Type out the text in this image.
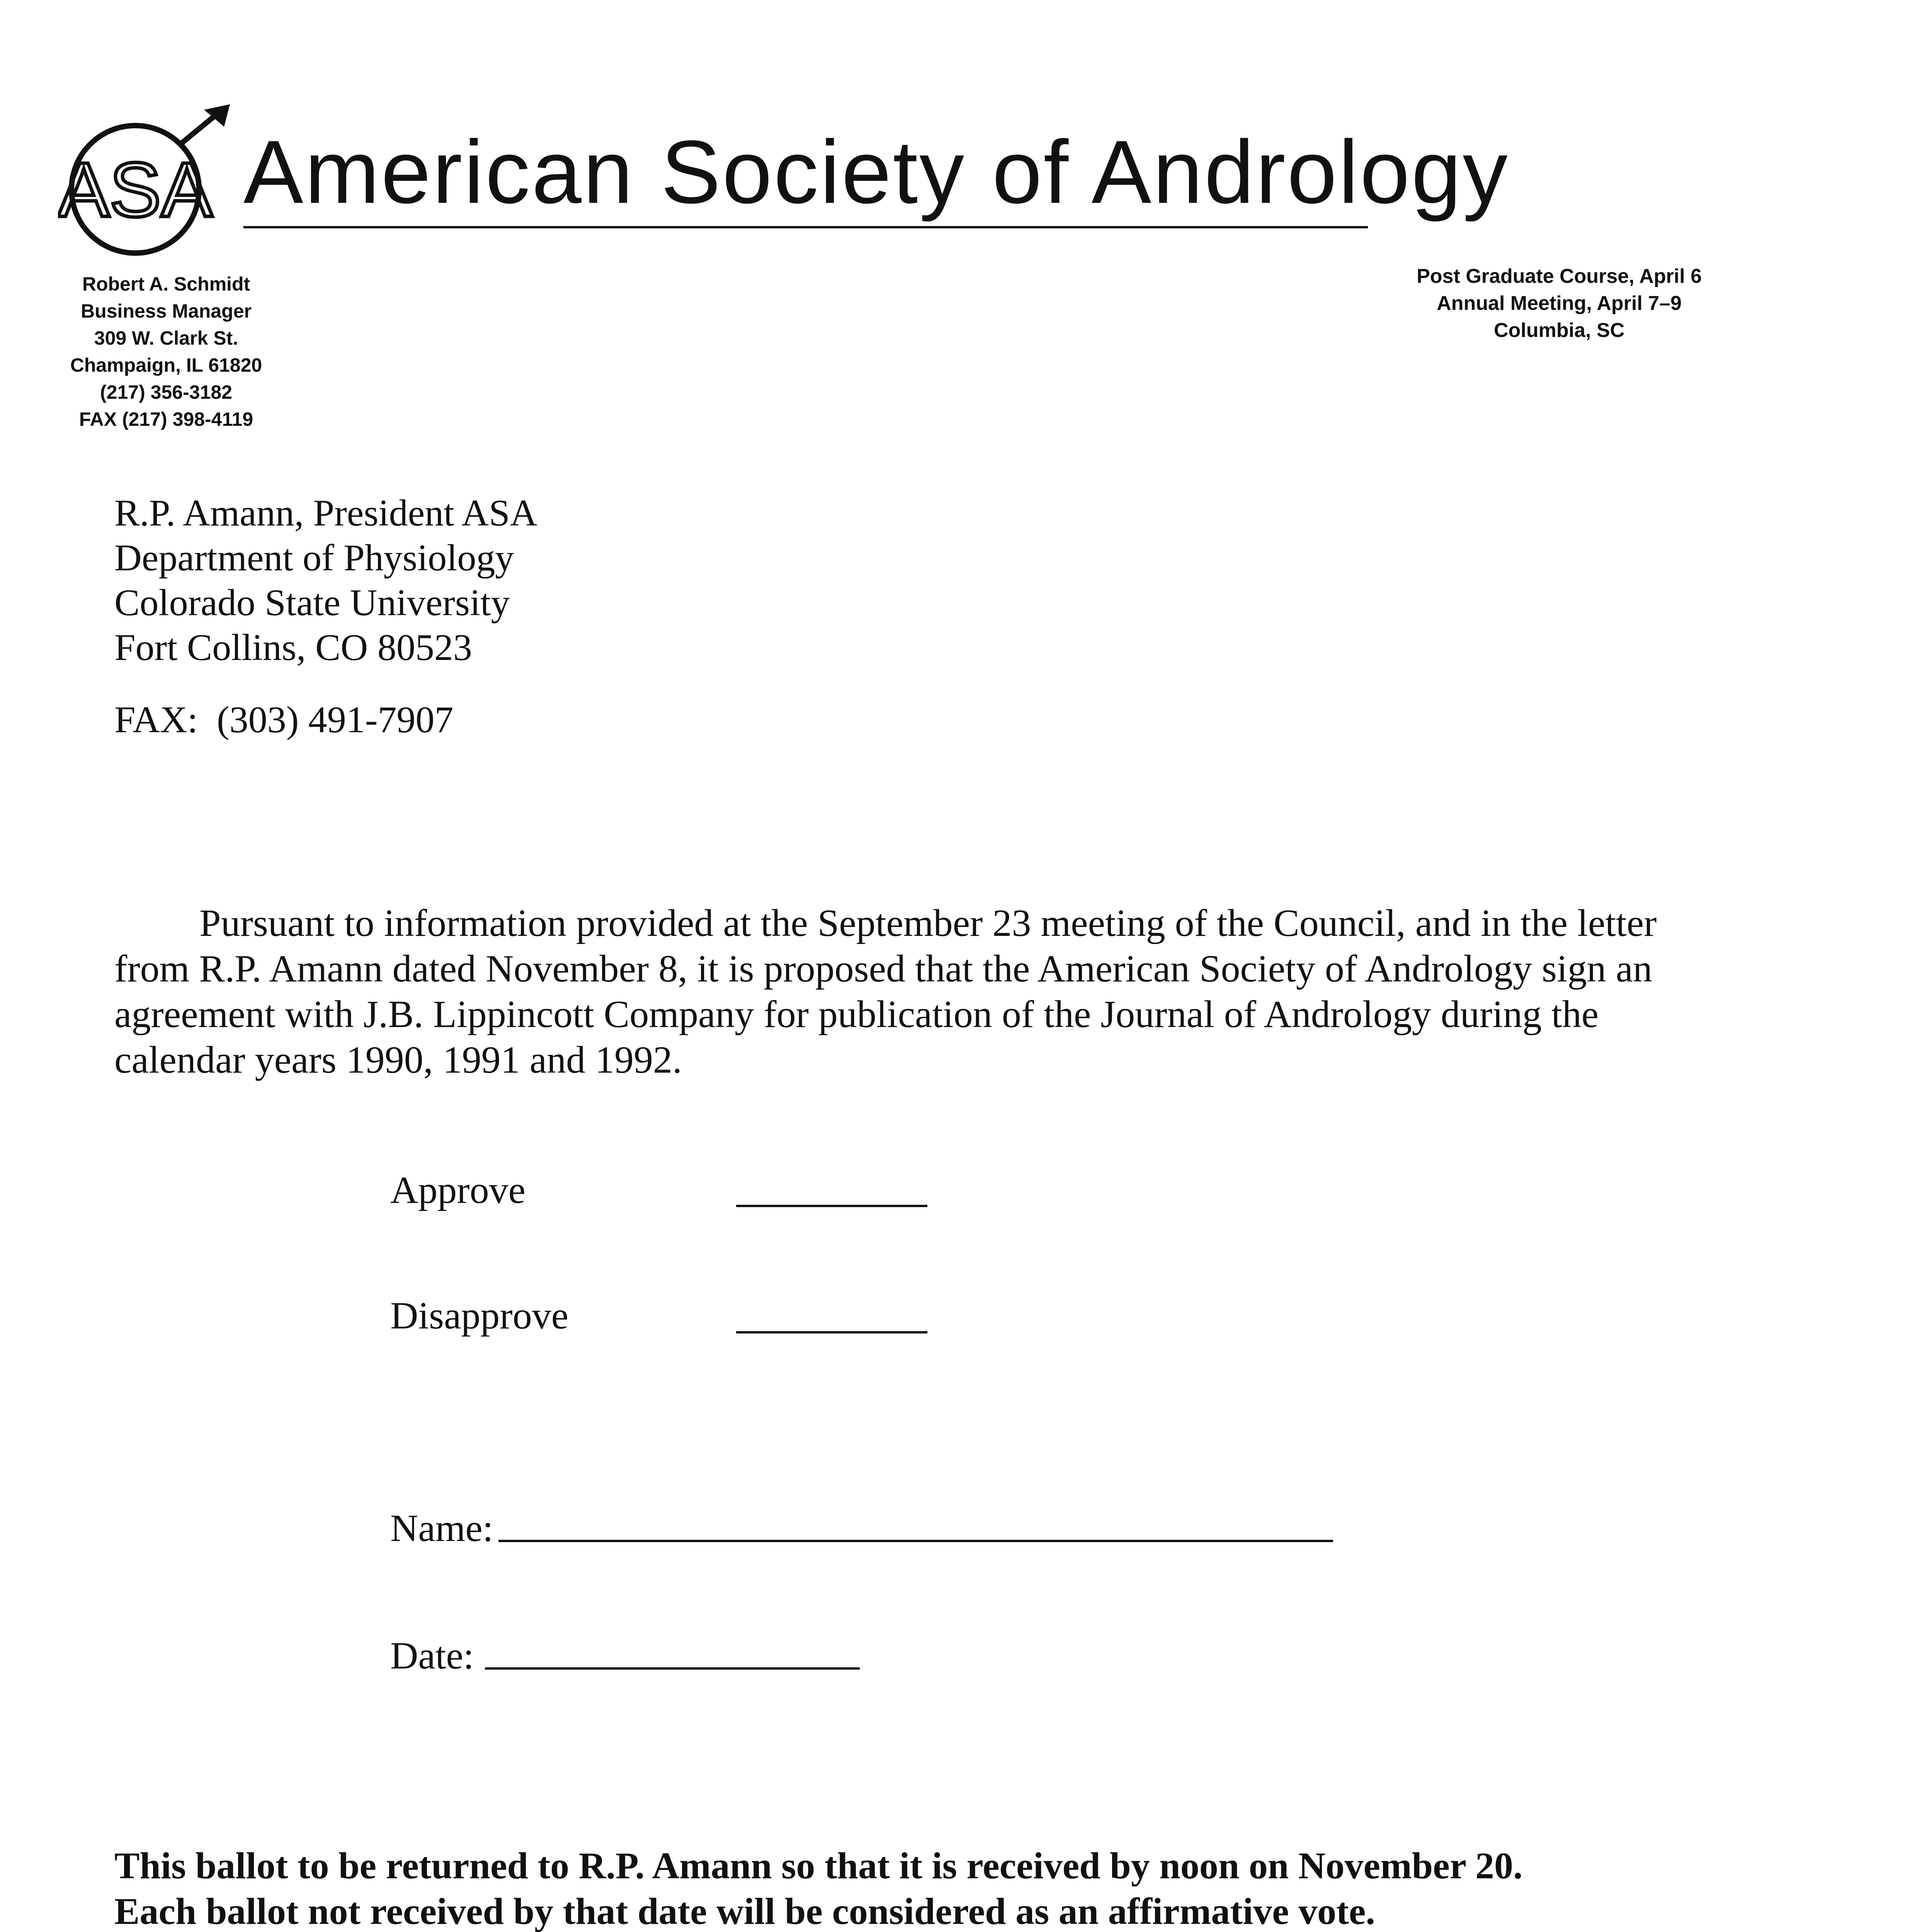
ASA American Society of Andrology
Robert A. Schmidt
Business Manager
309 W. Clark St.
Champaign, IL 61820
(217) 356-3182
FAX (217) 398-4119
Post Graduate Course, April 6
Annual Meeting, April 7–9
Columbia, SC
R.P. Amann, President ASA
Department of Physiology
Colorado State University
Fort Collins, CO 80523
FAX: (303) 491-7907

Pursuant to information provided at the September 23 meeting of the Council, and in the letter from R.P. Amann dated November 8, it is proposed that the American Society of Andrology sign an agreement with J.B. Lippincott Company for publication of the Journal of Andrology during the calendar years 1990, 1991 and 1992.

Approve
Disapprove
Name:
Date:
This ballot to be returned to R.P. Amann so that it is received by noon on November 20.
Each ballot not received by that date will be considered as an affirmative vote.
